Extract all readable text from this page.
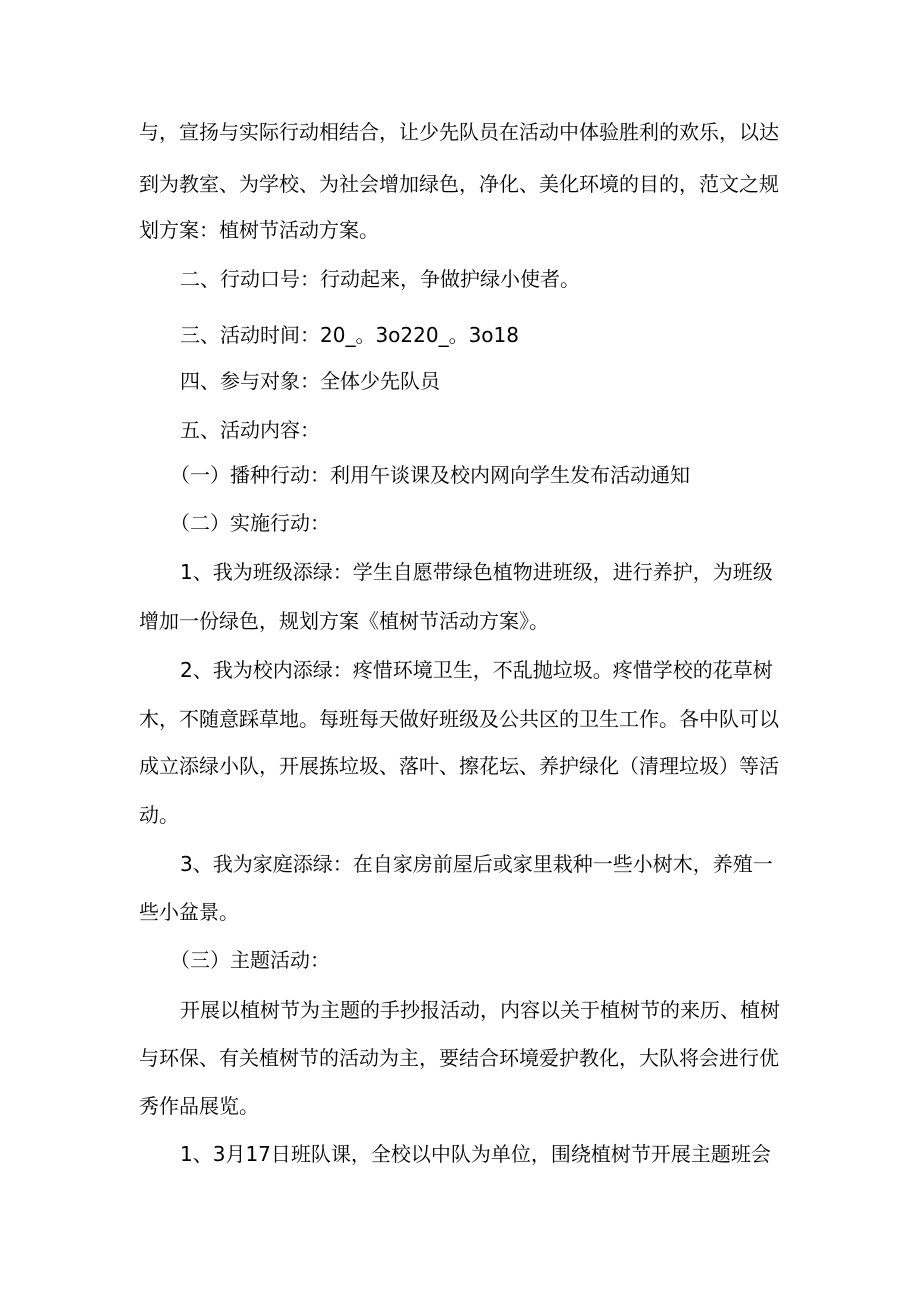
与，宣扬与实际行动相结合，让少先队员在活动中体验胜利的欢乐，以达
到为教室、为学校、为社会增加绿色，净化、美化环境的目的，范文之规
划方案：植树节活动方案。
二、行动口号：行动起来，争做护绿小使者。
三、活动时间：20_。3o220_。3o18
四、参与对象：全体少先队员
五、活动内容：
（一）播种行动：利用午谈课及校内网向学生发布活动通知
（二）实施行动：
1、我为班级添绿：学生自愿带绿色植物进班级，进行养护，为班级
增加一份绿色，规划方案《植树节活动方案》。
2、我为校内添绿：疼惜环境卫生，不乱抛垃圾。疼惜学校的花草树
木，不随意踩草地。每班每天做好班级及公共区的卫生工作。各中队可以
成立添绿小队，开展拣垃圾、落叶、擦花坛、养护绿化（清理垃圾）等活
动。
3、我为家庭添绿：在自家房前屋后或家里栽种一些小树木，养殖一
些小盆景。
（三）主题活动：
开展以植树节为主题的手抄报活动，内容以关于植树节的来历、植树
与环保、有关植树节的活动为主，要结合环境爱护教化，大队将会进行优
秀作品展览。
1、3月17日班队课，全校以中队为单位，围绕植树节开展主题班会
